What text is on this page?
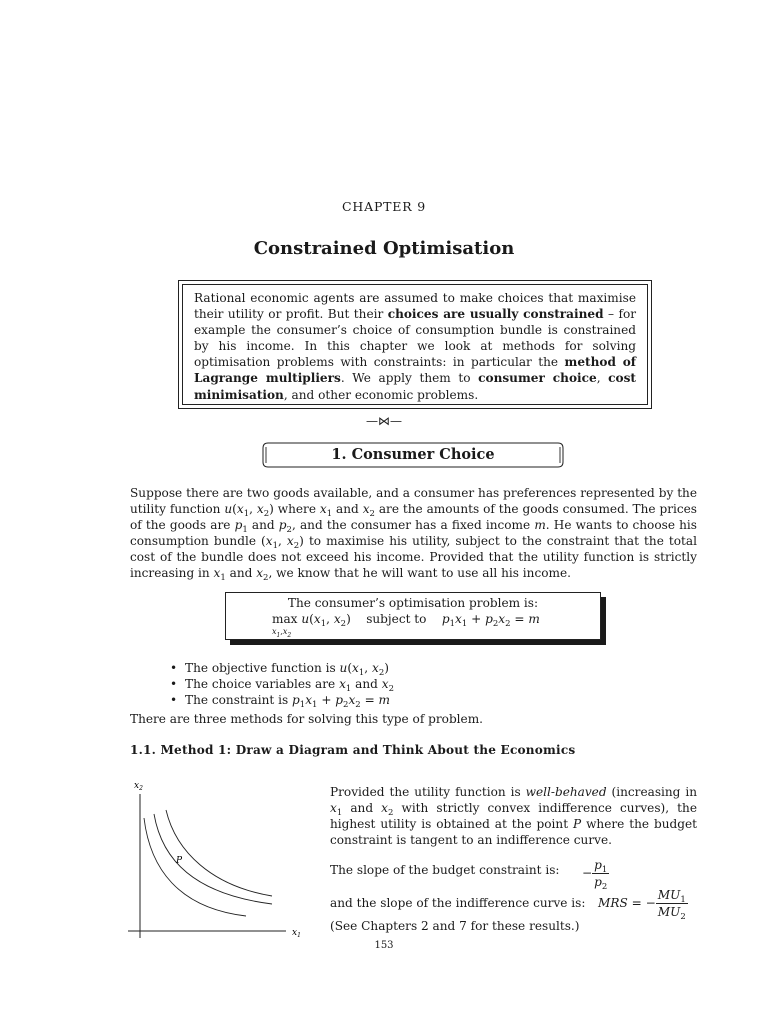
CHAPTER 9
Constrained Optimisation
Rational economic agents are assumed to make choices that maximise their utility or profit. But their choices are usually constrained – for example the consumer’s choice of consumption bundle is constrained by his income. In this chapter we look at methods for solving optimisation problems with constraints: in particular the method of Lagrange multipliers. We apply them to consumer choice, cost minimisation, and other economic problems.
—⋈—
1. Consumer Choice
Suppose there are two goods available, and a consumer has preferences represented by the utility function $u(x_1$, $x_2$) where $x_1$ and $x_2$ are the amounts of the goods consumed. The prices of the goods are $p_1$ and $p_2$, and the consumer has a fixed income m. He wants to choose his consumption bundle ($x_1$, $x_2$) to maximise his utility, subject to the constraint that the total cost of the bundle does not exceed his income. Provided that the utility function is strictly increasing in $x_1$ and $x_2$, we know that he will want to use all his income.
The consumer’s optimisation problem is:
$\max u(x_1$, $x_2$)    subject to $p_1x_1 + p_2x_2 = m$
$x_1,x_2$
• The objective function is $u(x_1$, $x_2$)
• The choice variables are $x_1$ and $x_2$
• The constraint is $p_1x_1 + p_2x_2 = m$
There are three methods for solving this type of problem.
1.1. Method 1: Draw a Diagram and Think About the Economics
$x_2$
$x_1$
P
Provided the utility function is well-behaved (increasing in $x_1$ and $x_2$ with strictly convex indifference curves), the highest utility is obtained at the point P where the budget constraint is tangent to an indifference curve.
The slope of the budget constraint is: − $\frac{p_1}{p_2}$
and the slope of the indifference curve is: MRS = − $\frac{MU_1}{MU_2}$
(See Chapters 2 and 7 for these results.)
153
